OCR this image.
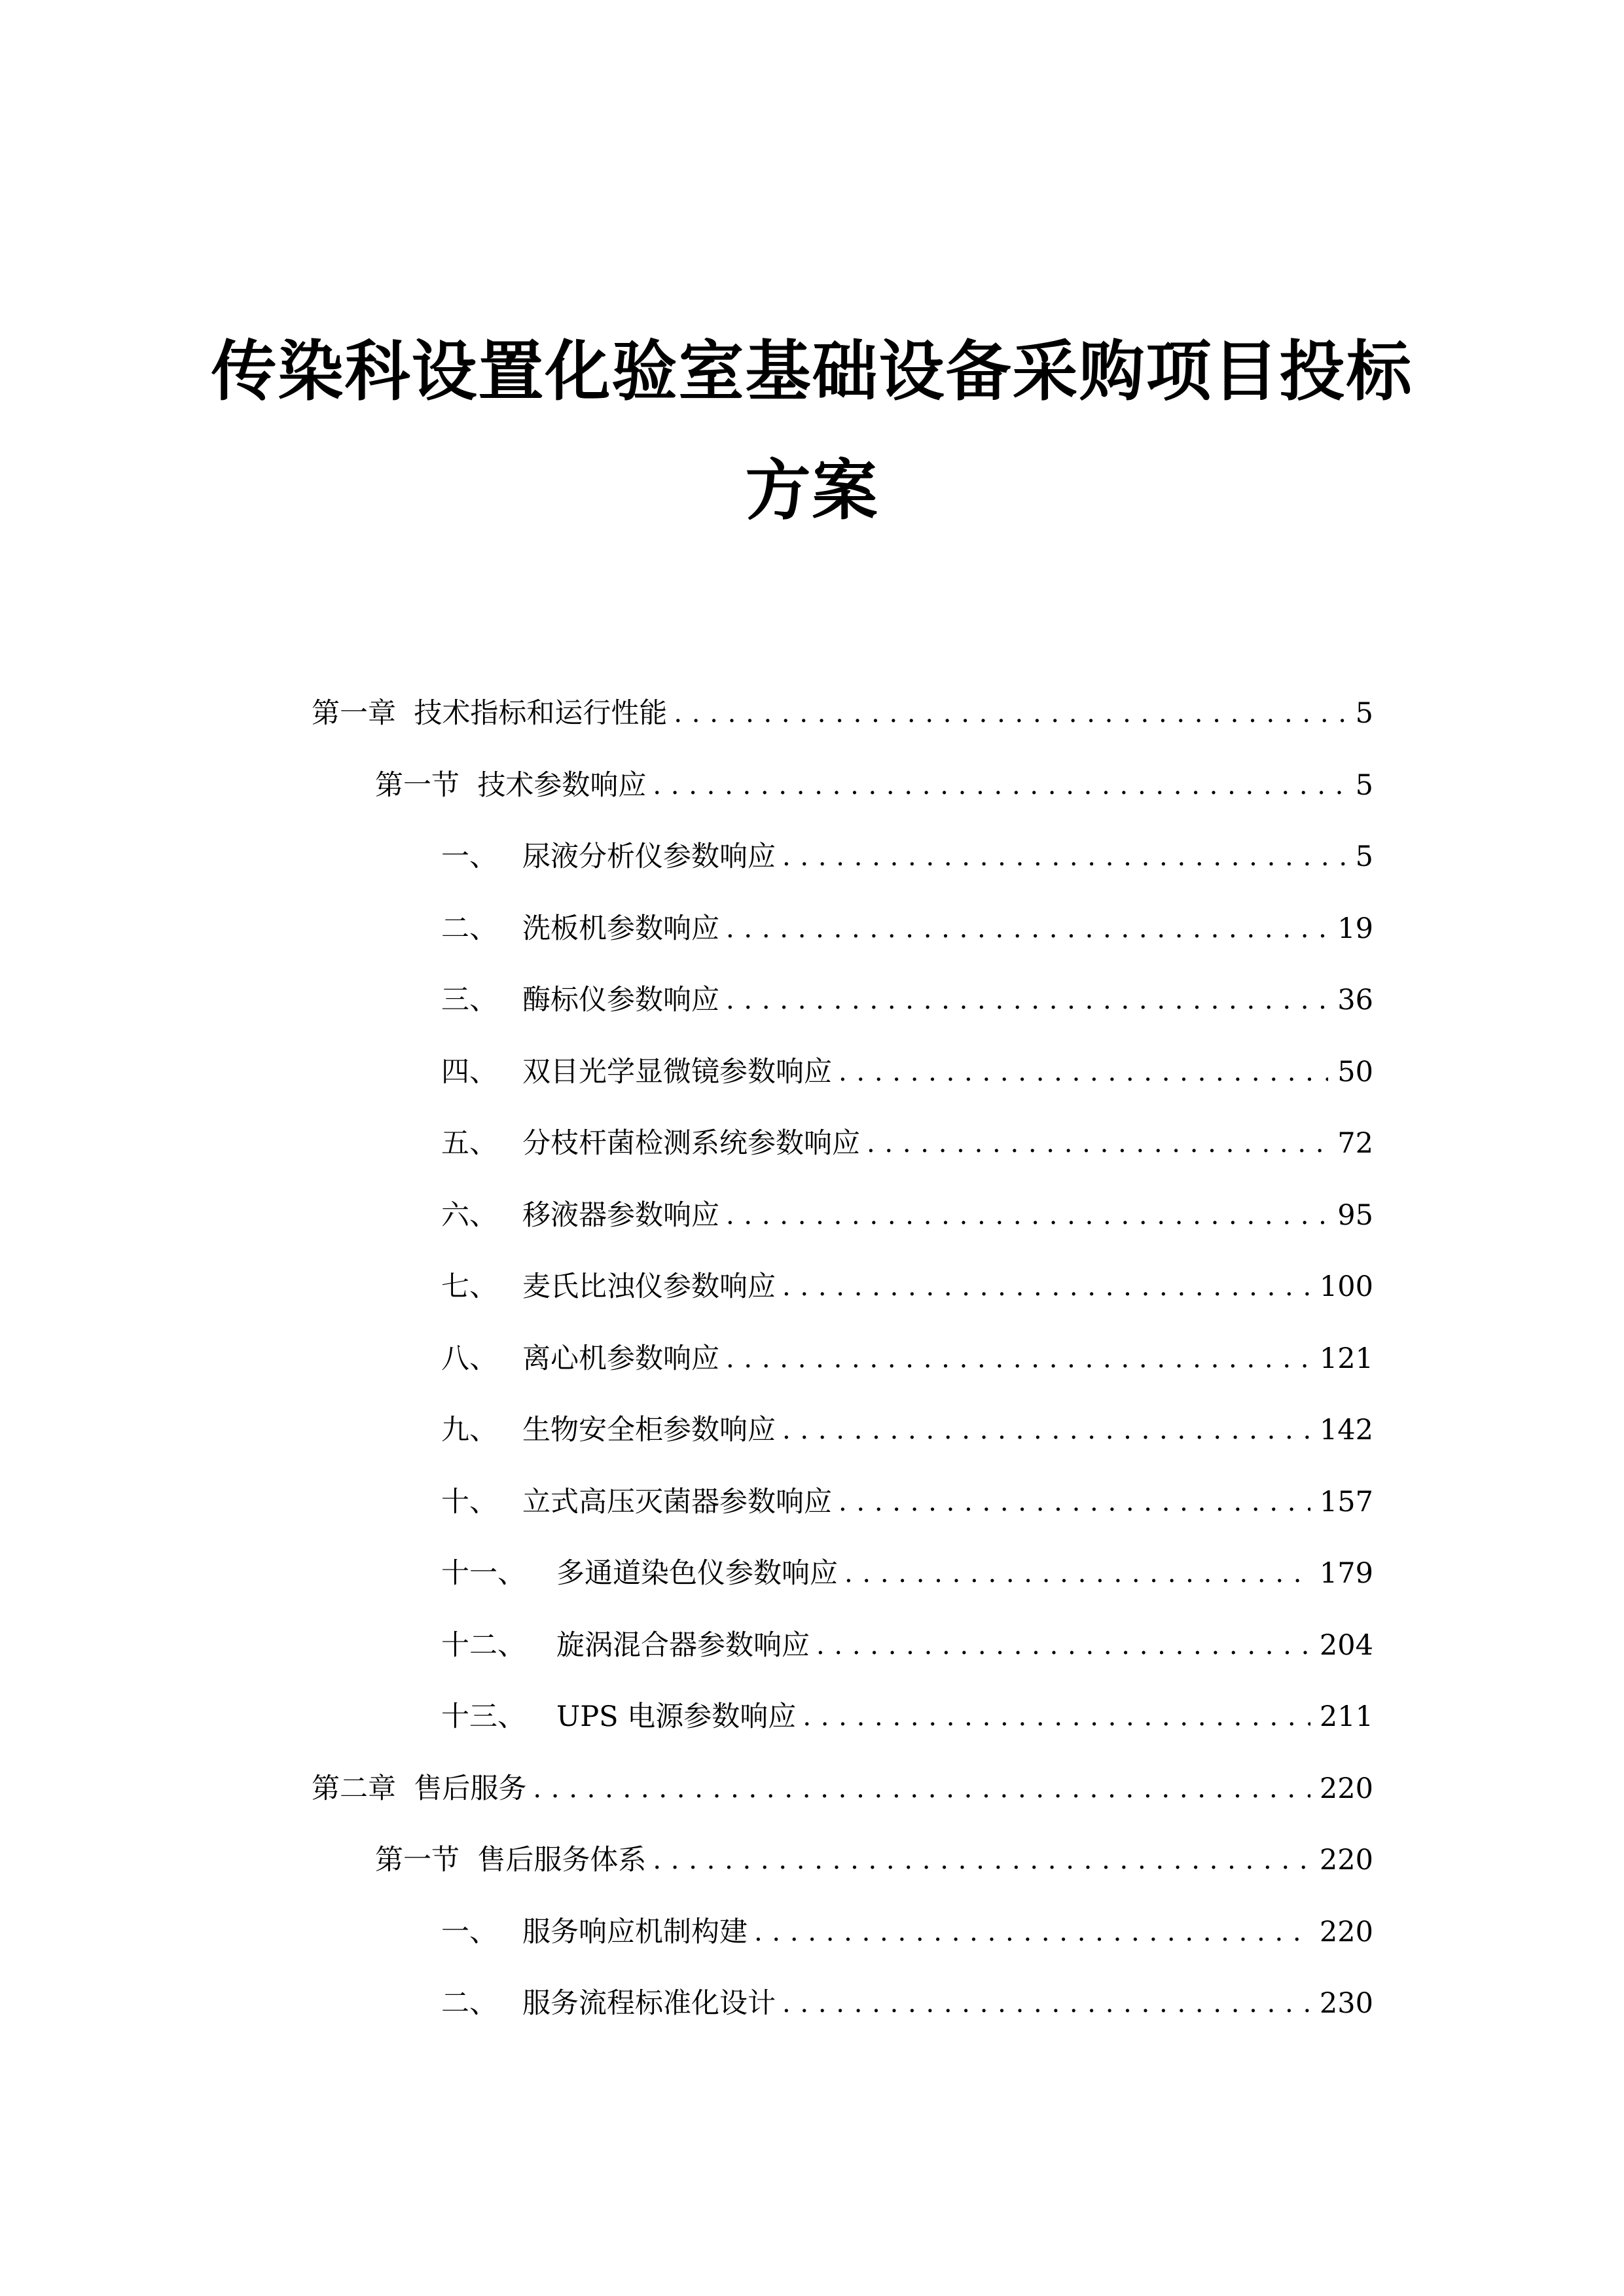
传染科设置化验室基础设备采购项目投标
方案
第一章 技术指标和运行性能 . . .	5
第一节 技术参数响应 . . .	5
一、 尿液分析仪参数响应 . . .	5
二、 洗板机参数响应 . . .	19
三、 酶标仪参数响应 . . .	36
四、 双目光学显微镜参数响应 . . .	50
五、 分枝杆菌检测系统参数响应 . . .	72
六、 移液器参数响应 . . .	95
七、 麦氏比浊仪参数响应 . . .	100
八、 离心机参数响应 . . .	121
九、 生物安全柜参数响应 . . .	142
十、 立式高压灭菌器参数响应 . . .	157
十一、 多通道染色仪参数响应 . . .	179
十二、 旋涡混合器参数响应 . . .	204
十三、 UPS 电源参数响应 . . .	211
第二章 售后服务 . . .	220
第一节 售后服务体系 . . .	220
一、 服务响应机制构建 . . .	220
二、 服务流程标准化设计 . . .	230
